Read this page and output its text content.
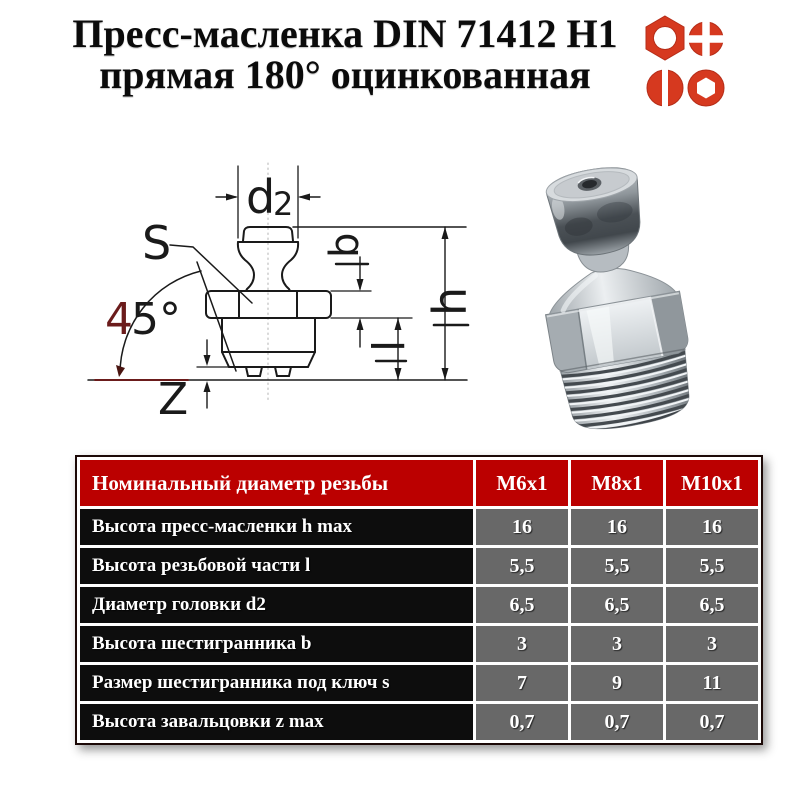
Пресс-масленка DIN 71412 H1
прямая 180° оцинкованная
d
2
S
4
5°
Z
b
h
l
Номинальный диаметр резьбы	М6х1	М8х1	М10х1
Высота пресс-масленки h max	16	16	16
Высота резьбовой части l	5,5	5,5	5,5
Диаметр головки d2	6,5	6,5	6,5
Высота шестигранника b	3	3	3
Размер шестигранника под ключ s	7	9	11
Высота завальцовки z max	0,7	0,7	0,7
